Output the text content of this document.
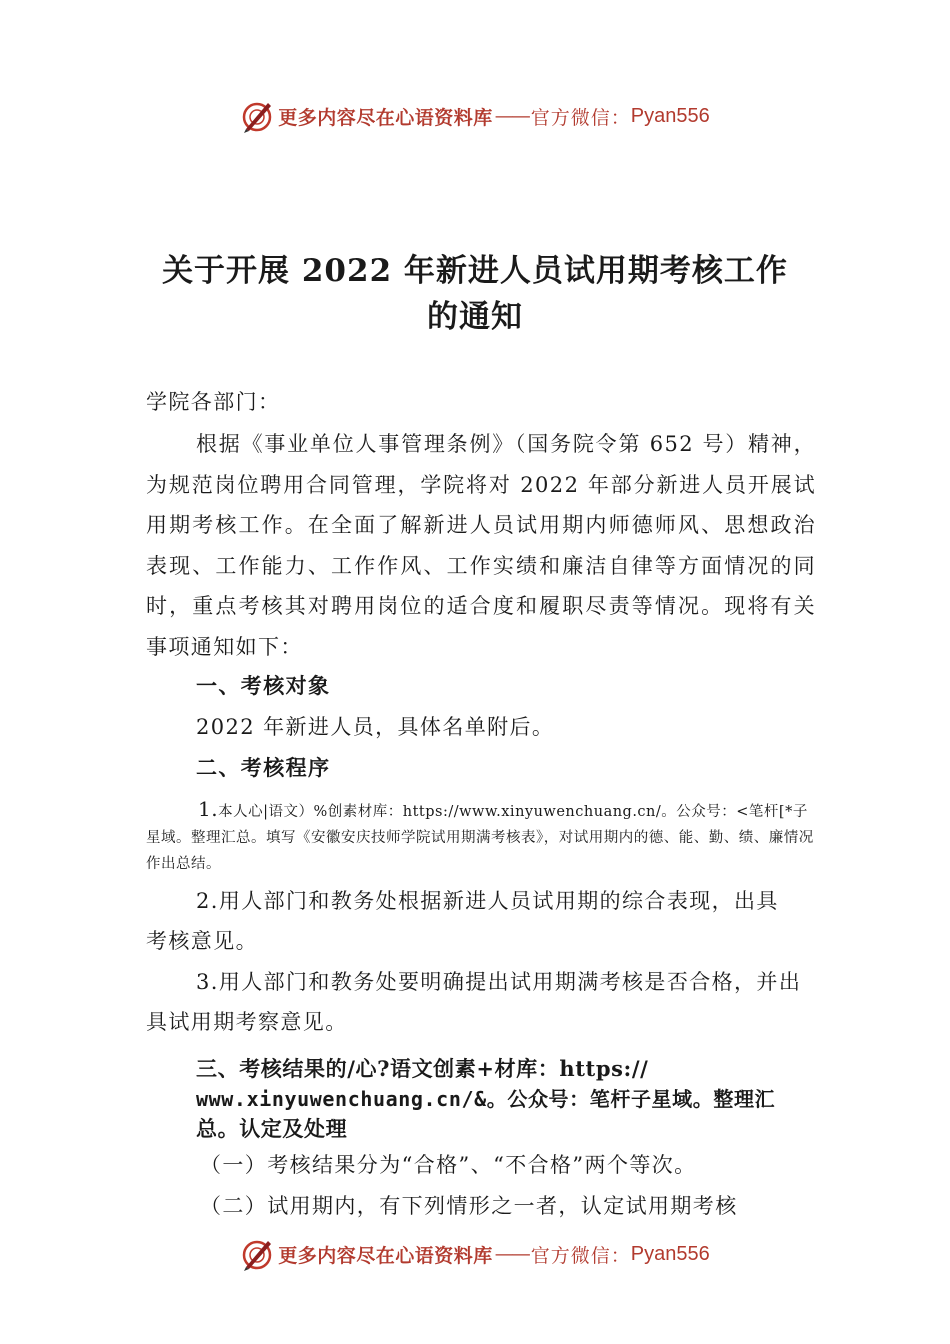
更多内容尽在心语资料库 —— 官方微信： Pyan556
关于开展 2022 年新进人员试用期考核工作
的通知
学院各部门：
根据《事业单位人事管理条例》（国务院令第 652 号）精神，为规范岗位聘用合同管理，学院将对 2022 年部分新进人员开展试用期考核工作。在全面了解新进人员试用期内师德师风、思想政治表现、工作能力、工作作风、工作实绩和廉洁自律等方面情况的同时，重点考核其对聘用岗位的适合度和履职尽责等情况。现将有关事项通知如下：
一、考核对象
2022 年新进人员，具体名单附后。
二、考核程序
1.本人心|语文）%创素材库：https://www.xinyuwenchuang.cn/。公众号：<笔杆[*子星域。整理汇总。填写《安徽安庆技师学院试用期满考核表》，对试用期内的德、能、勤、绩、廉情况作出总结。
2.用人部门和教务处根据新进人员试用期的综合表现，出具考核意见。
3.用人部门和教务处要明确提出试用期满考核是否合格，并出具试用期考察意见。
三、考核结果的/心?语文创素+材库：https://
www.xinyuwenchuang.cn/&。公众号：笔杆子星域。整理汇
总。认定及处理
（一）考核结果分为“合格”、“不合格”两个等次。
（二）试用期内，有下列情形之一者，认定试用期考核
更多内容尽在心语资料库 —— 官方微信： Pyan556
